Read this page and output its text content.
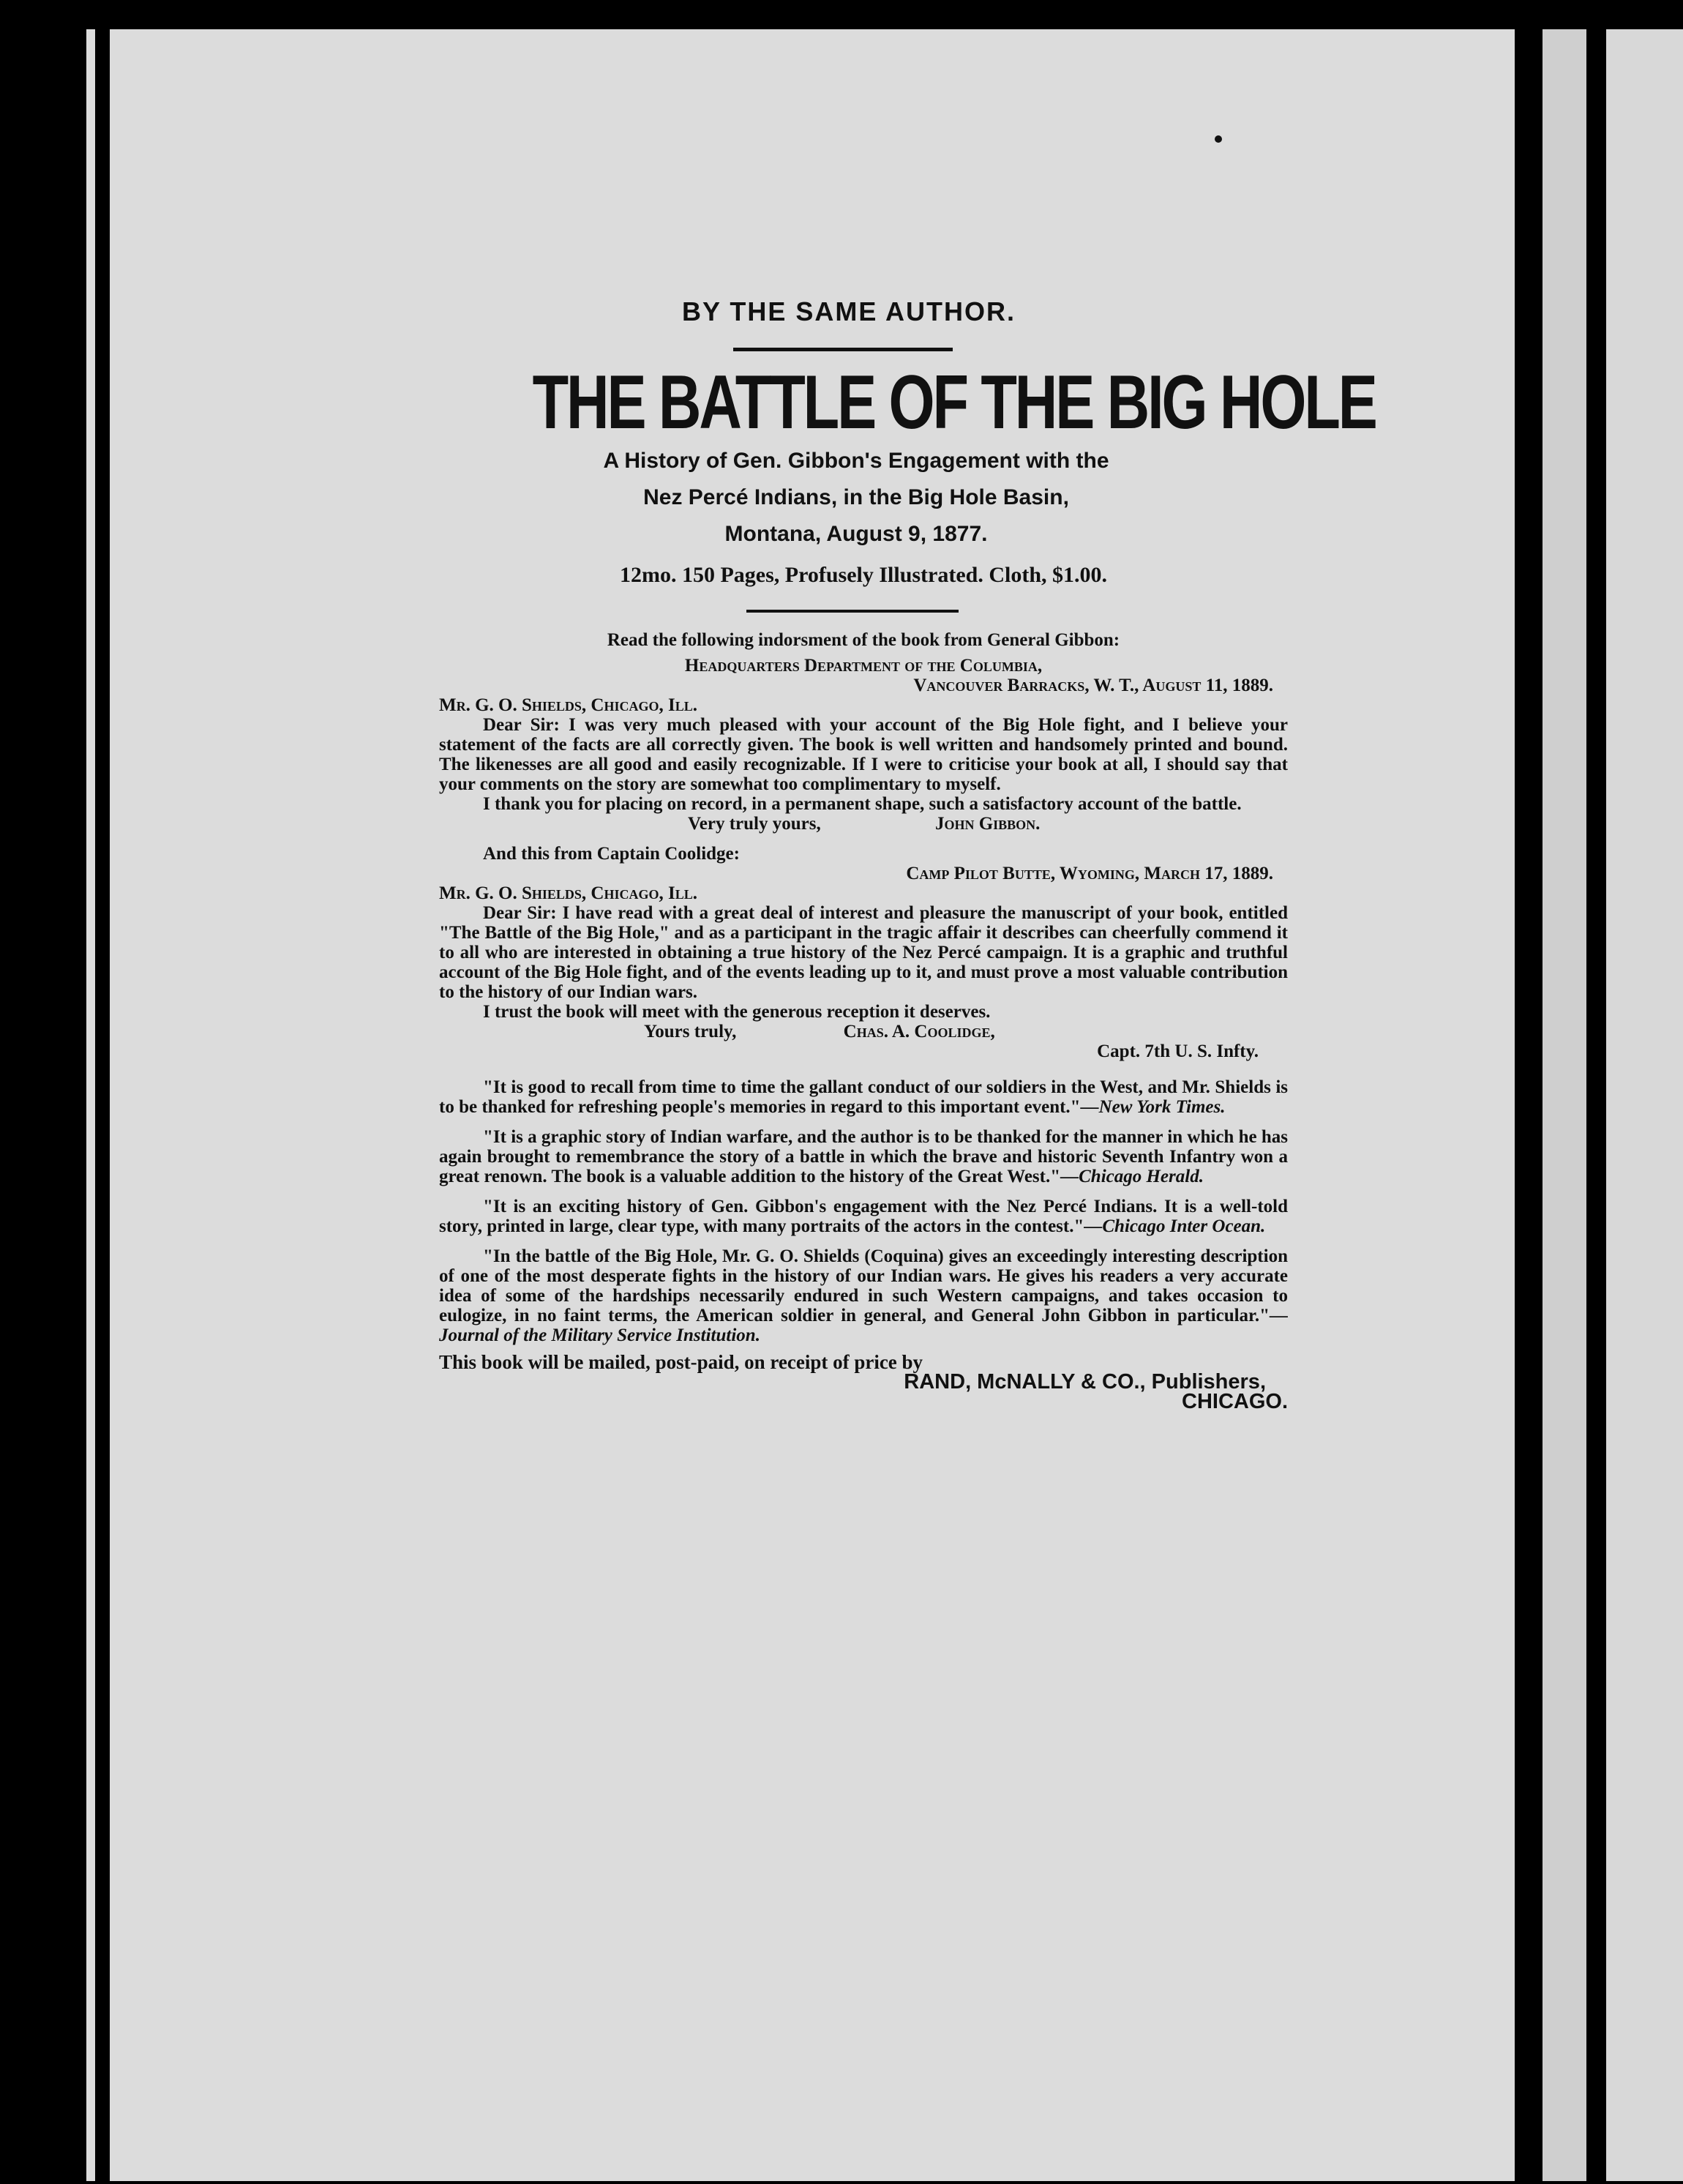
BY THE SAME AUTHOR.
THE BATTLE OF THE BIG HOLE
A History of Gen. Gibbon's Engagement with the
Nez Percé Indians, in the Big Hole Basin,
Montana, August 9, 1877.
12mo. 150 Pages, Profusely Illustrated. Cloth, $1.00.

Read the following indorsment of the book from General Gibbon:

Headquarters Department of the Columbia,

Vancouver Barracks, W. T., August 11, 1889.

Mr. G. O. Shields, Chicago, Ill.

Dear Sir: I was very much pleased with your account of the Big Hole fight, and I believe your statement of the facts are all correctly given. The book is well written and handsomely printed and bound. The likenesses are all good and easily recognizable. If I were to criticise your book at all, I should say that your comments on the story are somewhat too complimentary to myself.

I thank you for placing on record, in a permanent shape, such a satisfactory account of the battle.

Very truly yours,	John Gibbon.

And this from Captain Coolidge:

Camp Pilot Butte, Wyoming, March 17, 1889.

Mr. G. O. Shields, Chicago, Ill.

Dear Sir: I have read with a great deal of interest and pleasure the manuscript of your book, entitled "The Battle of the Big Hole," and as a participant in the tragic affair it describes can cheerfully commend it to all who are interested in obtaining a true history of the Nez Percé campaign. It is a graphic and truthful account of the Big Hole fight, and of the events leading up to it, and must prove a most valuable contribution to the history of our Indian wars.

I trust the book will meet with the generous reception it deserves.

Yours truly,	Chas. A. Coolidge,

Capt. 7th U. S. Infty.

"It is good to recall from time to time the gallant conduct of our soldiers in the West, and Mr. Shields is to be thanked for refreshing people's memories in regard to this important event."—New York Times.

"It is a graphic story of Indian warfare, and the author is to be thanked for the manner in which he has again brought to remembrance the story of a battle in which the brave and historic Seventh Infantry won a great renown. The book is a valuable addition to the history of the Great West."—Chicago Herald.

"It is an exciting history of Gen. Gibbon's engagement with the Nez Percé Indians. It is a well-told story, printed in large, clear type, with many portraits of the actors in the contest."—Chicago Inter Ocean.

"In the battle of the Big Hole, Mr. G. O. Shields (Coquina) gives an exceedingly interesting description of one of the most desperate fights in the history of our Indian wars. He gives his readers a very accurate idea of some of the hardships necessarily endured in such Western campaigns, and takes occasion to eulogize, in no faint terms, the American soldier in general, and General John Gibbon in particular."—Journal of the Military Service Institution.

This book will be mailed, post-paid, on receipt of price by

RAND, McNALLY & CO., Publishers,

CHICAGO.
